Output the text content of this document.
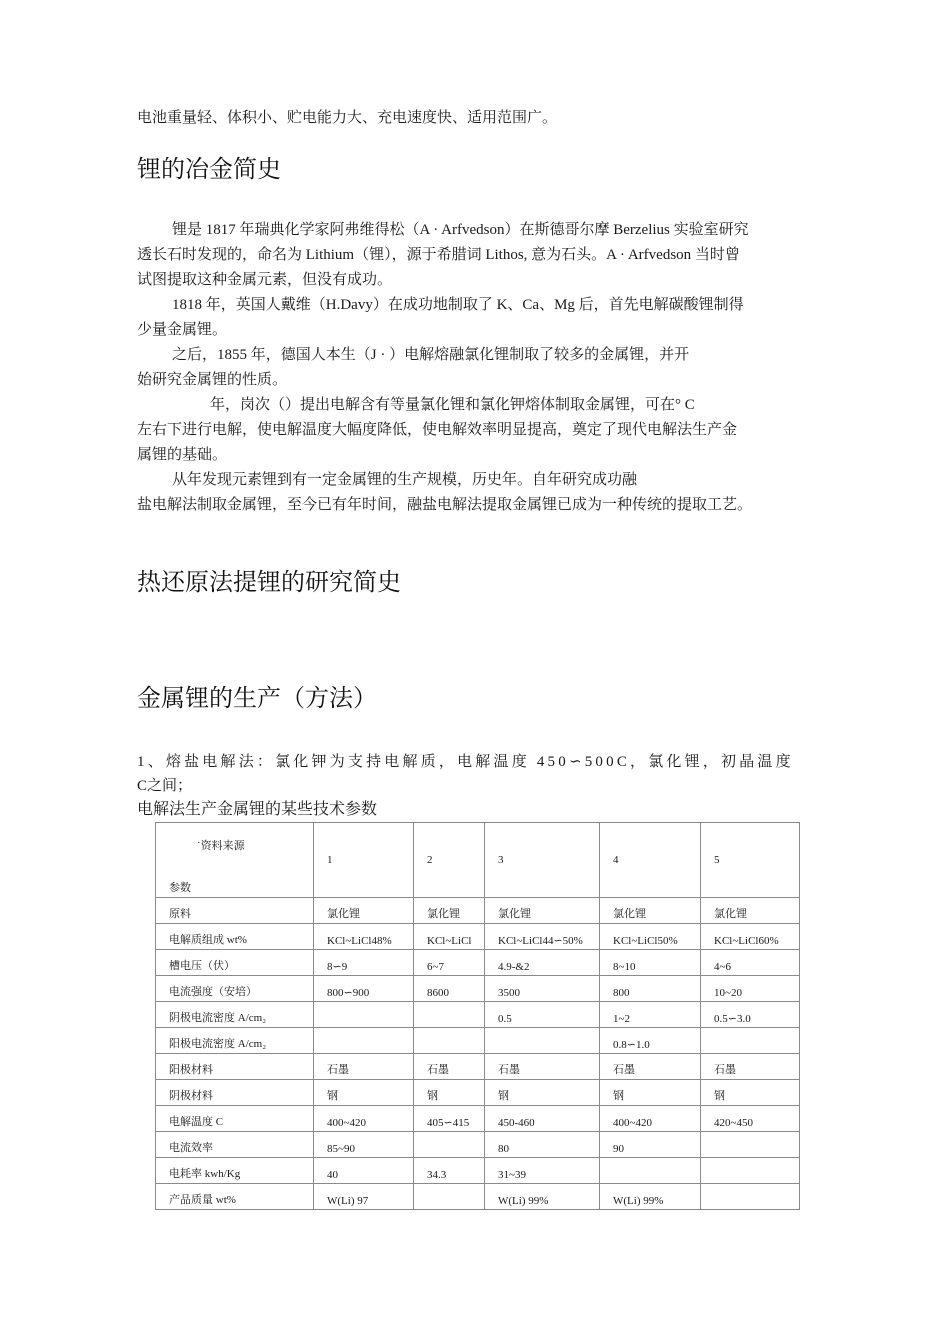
电池重量轻、体积小、贮电能力大、充电速度快、适用范围广。
锂的冶金简史
锂是 1817 年瑞典化学家阿弗维得松（A · Arfvedson）在斯德哥尔摩 Berzelius 实验室研究
透长石时发现的，命名为 Lithium（锂），源于希腊词 Lithos, 意为石头。A · Arfvedson 当时曾
试图提取这种金属元素，但没有成功。
1818 年，英国人戴维（H.Davy）在成功地制取了 K、Ca、Mg 后，首先电解碳酸锂制得
少量金属锂。
之后，1855 年，德国人本生（J · ）电解熔融氯化锂制取了较多的金属锂，并开
始研究金属锂的性质。
年，岗次（）提出电解含有等量氯化锂和氯化钾熔体制取金属锂，可在° C
左右下进行电解，使电解温度大幅度降低，使电解效率明显提高，奠定了现代电解法生产金
属锂的基础。
从年发现元素锂到有一定金属锂的生产规模，历史年。自年研究成功融
盐电解法制取金属锂，至今已有年时间，融盐电解法提取金属锂已成为一种传统的提取工艺。
热还原法提锂的研究简史
金属锂的生产（方法）
1、熔盐电解法：氯化钾为支持电解质，电解温度 450∽500C，氯化锂，初晶温度
C之间；
电解法生产金属锂的某些技术参数
˙资料来源
参数	1	2	3	4	5

原料	氯化锂	氯化锂	氯化锂	氯化锂	氯化锂

电解质组成 wt%	KCl~LiCl48%	KCl~LiCl	KCl~LiCl44∽50%	KCl~LiCl50%	KCl~LiCl60%

槽电压（伏）	8∽9	6~7	4.9-&2	8~10	4~6

电流强度（安培）	800∽900	8600	3500	800	10~20

阴极电流密度 A/cm₂			0.5	1~2	0.5∽3.0

阳极电流密度 A/cm₂				0.8∽1.0	

阳极材料	石墨	石墨	石墨	石墨	石墨

阴极材料	钢	钢	钢	钢	钢

电解温度 C	400~420	405∽415	450-460	400~420	420~450

电流效率	85~90		80	90	

电耗率 kwh/Kg	40	34.3	31~39		

产品质量 wt%	W(Li) 97		W(Li) 99%	W(Li) 99%	
